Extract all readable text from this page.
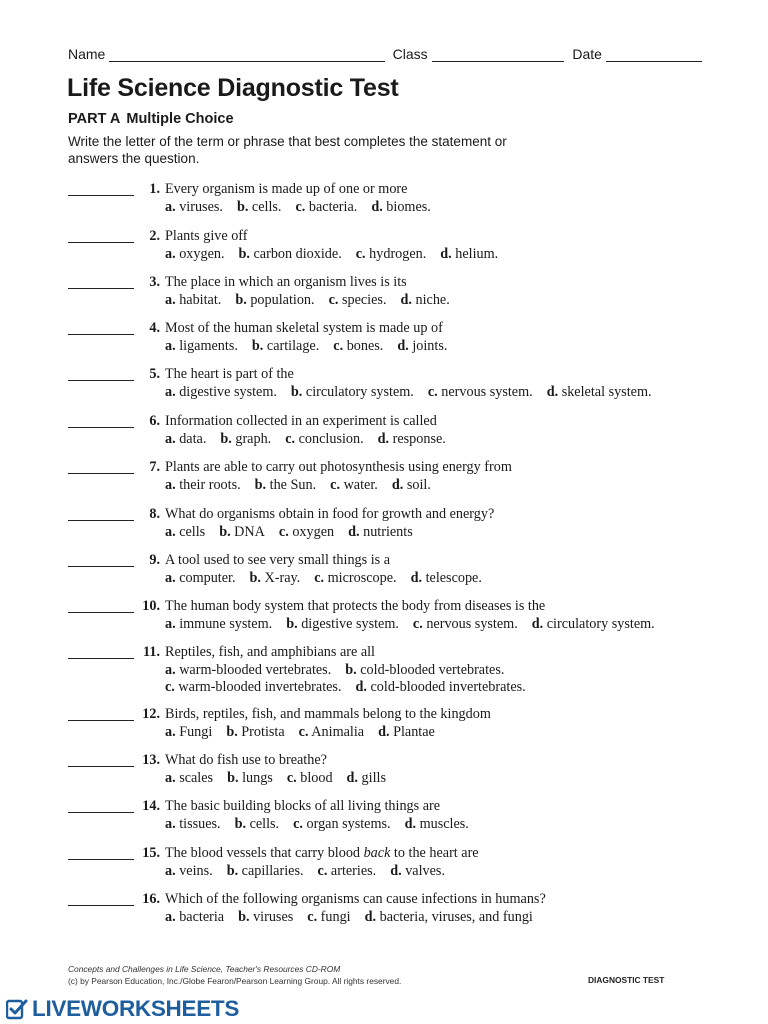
Name	Class	Date
Life Science Diagnostic Test
PART A Multiple Choice
Write the letter of the term or phrase that best completes the statement or answers the question.
1. Every organism is made up of one or more
a. viruses. b. cells. c. bacteria. d. biomes.
2. Plants give off
a. oxygen. b. carbon dioxide. c. hydrogen. d. helium.
3. The place in which an organism lives is its
a. habitat. b. population. c. species. d. niche.
4. Most of the human skeletal system is made up of
a. ligaments. b. cartilage. c. bones. d. joints.
5. The heart is part of the
a. digestive system. b. circulatory system. c. nervous system. d. skeletal system.
6. Information collected in an experiment is called
a. data. b. graph. c. conclusion. d. response.
7. Plants are able to carry out photosynthesis using energy from
a. their roots. b. the Sun. c. water. d. soil.
8. What do organisms obtain in food for growth and energy?
a. cells b. DNA c. oxygen d. nutrients
9. A tool used to see very small things is a
a. computer. b. X-ray. c. microscope. d. telescope.
10. The human body system that protects the body from diseases is the
a. immune system. b. digestive system. c. nervous system. d. circulatory system.
11. Reptiles, fish, and amphibians are all
a. warm-blooded vertebrates. b. cold-blooded vertebrates.
c. warm-blooded invertebrates. d. cold-blooded invertebrates.
12. Birds, reptiles, fish, and mammals belong to the kingdom
a. Fungi b. Protista c. Animalia d. Plantae
13. What do fish use to breathe?
a. scales b. lungs c. blood d. gills
14. The basic building blocks of all living things are
a. tissues. b. cells. c. organ systems. d. muscles.
15. The blood vessels that carry blood back to the heart are
a. veins. b. capillaries. c. arteries. d. valves.
16. Which of the following organisms can cause infections in humans?
a. bacteria b. viruses c. fungi d. bacteria, viruses, and fungi
Concepts and Challenges in Life Science, Teacher's Resources CD-ROM
(c) by Pearson Education, Inc./Globe Fearon/Pearson Learning Group. All rights reserved.	DIAGNOSTIC TEST
LIVEWORKSHEETS
